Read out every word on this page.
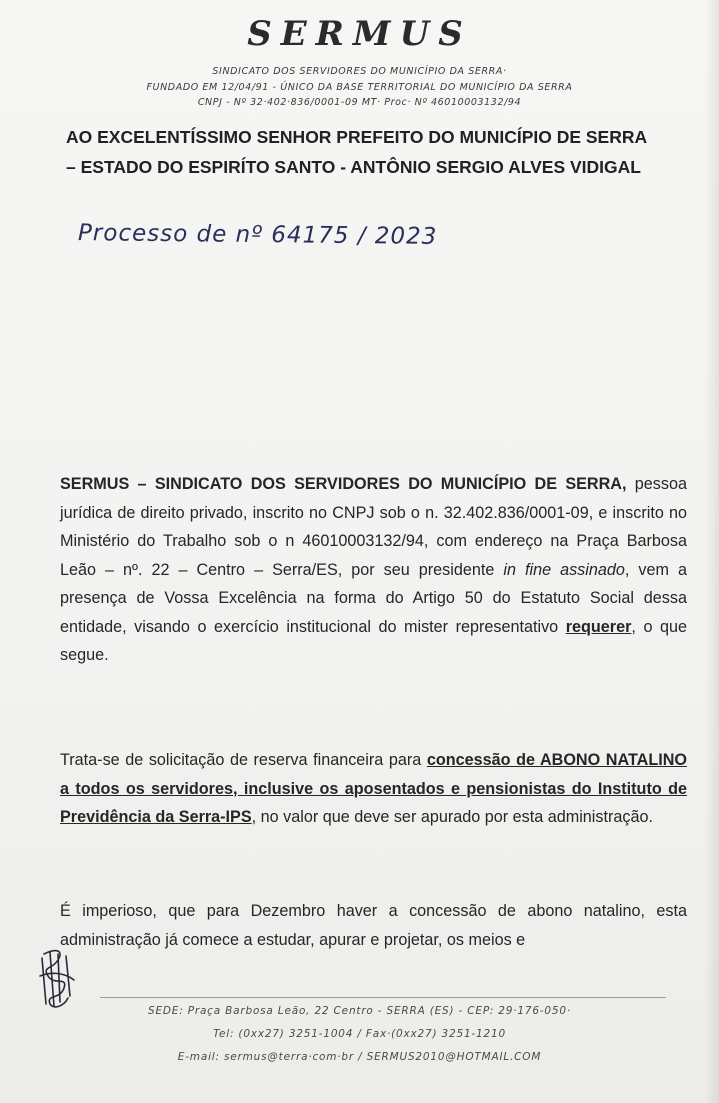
SERMUS
SINDICATO DOS SERVIDORES DO MUNICÍPIO DA SERRA·
FUNDADO EM 12/04/91 - ÚNICO DA BASE TERRITORIAL DO MUNICÍPIO DA SERRA
CNPJ - Nº 32·402·836/0001-09 MT· Proc· Nº 46010003132/94
AO EXCELENTÍSSIMO SENHOR PREFEITO DO MUNICÍPIO DE SERRA
– ESTADO DO ESPIRÍTO SANTO - ANTÔNIO SERGIO ALVES VIDIGAL
Processo de nº 64175 / 2023
SERMUS – SINDICATO DOS SERVIDORES DO MUNICÍPIO DE SERRA, pessoa jurídica de direito privado, inscrito no CNPJ sob o n. 32.402.836/0001-09, e inscrito no Ministério do Trabalho sob o n 46010003132/94, com endereço na Praça Barbosa Leão – nº. 22 – Centro – Serra/ES, por seu presidente in fine assinado, vem a presença de Vossa Excelência na forma do Artigo 50 do Estatuto Social dessa entidade, visando o exercício institucional do mister representativo requerer, o que segue.
Trata-se de solicitação de reserva financeira para concessão de ABONO NATALINO a todos os servidores, inclusive os aposentados e pensionistas do Instituto de Previdência da Serra-IPS, no valor que deve ser apurado por esta administração.
É imperioso, que para Dezembro haver a concessão de abono natalino, esta administração já comece a estudar, apurar e projetar, os meios e
SEDE: Praça Barbosa Leão, 22 Centro - SERRA (ES) - CEP: 29·176-050·
Tel: (0xx27) 3251-1004 / Fax·(0xx27) 3251-1210
E-mail: sermus@terra·com·br / SERMUS2010@HOTMAIL.COM
